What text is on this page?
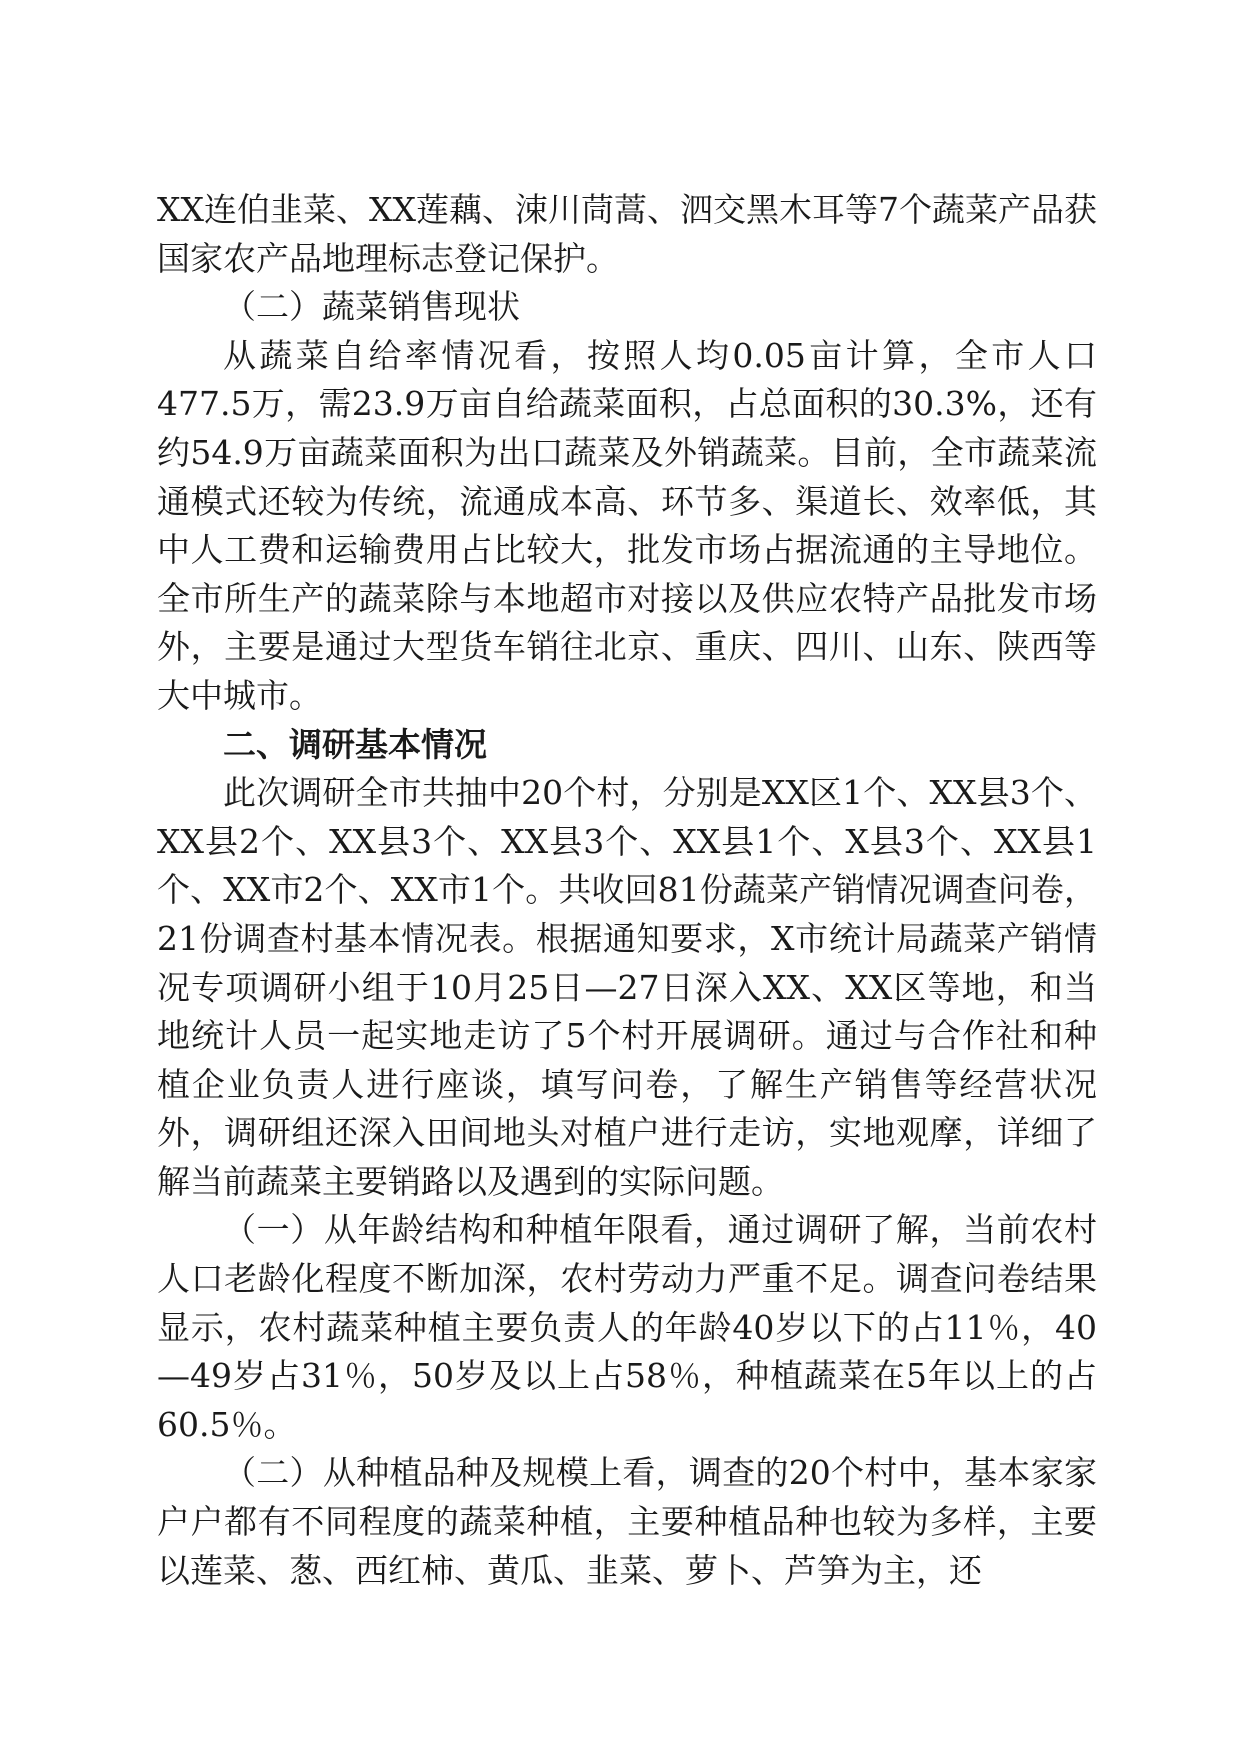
XX连伯韭菜、XX莲藕、涑川茼蒿、泗交黑木耳等7个蔬菜产品获国家农产品地理标志登记保护。

（二）蔬菜销售现状

从蔬菜自给率情况看，按照人均0.05亩计算，全市人口477.5万，需23.9万亩自给蔬菜面积，占总面积的30.3%，还有约54.9万亩蔬菜面积为出口蔬菜及外销蔬菜。目前，全市蔬菜流通模式还较为传统，流通成本高、环节多、渠道长、效率低，其中人工费和运输费用占比较大，批发市场占据流通的主导地位。全市所生产的蔬菜除与本地超市对接以及供应农特产品批发市场外，主要是通过大型货车销往北京、重庆、四川、山东、陕西等大中城市。

二、调研基本情况

此次调研全市共抽中20个村，分别是XX区1个、XX县3个、XX县2个、XX县3个、XX县3个、XX县1个、X县3个、XX县1个、XX市2个、XX市1个。共收回81份蔬菜产销情况调查问卷，21份调查村基本情况表。根据通知要求，X市统计局蔬菜产销情况专项调研小组于10月25日—27日深入XX、XX区等地，和当地统计人员一起实地走访了5个村开展调研。通过与合作社和种植企业负责人进行座谈，填写问卷，了解生产销售等经营状况外，调研组还深入田间地头对植户进行走访，实地观摩，详细了解当前蔬菜主要销路以及遇到的实际问题。

（一）从年龄结构和种植年限看，通过调研了解，当前农村人口老龄化程度不断加深，农村劳动力严重不足。调查问卷结果显示，农村蔬菜种植主要负责人的年龄40岁以下的占11％，40—49岁占31％，50岁及以上占58％，种植蔬菜在5年以上的占60.5％。

（二）从种植品种及规模上看，调查的20个村中，基本家家户户都有不同程度的蔬菜种植，主要种植品种也较为多样，主要以莲菜、葱、西红柿、黄瓜、韭菜、萝卜、芦笋为主，还
